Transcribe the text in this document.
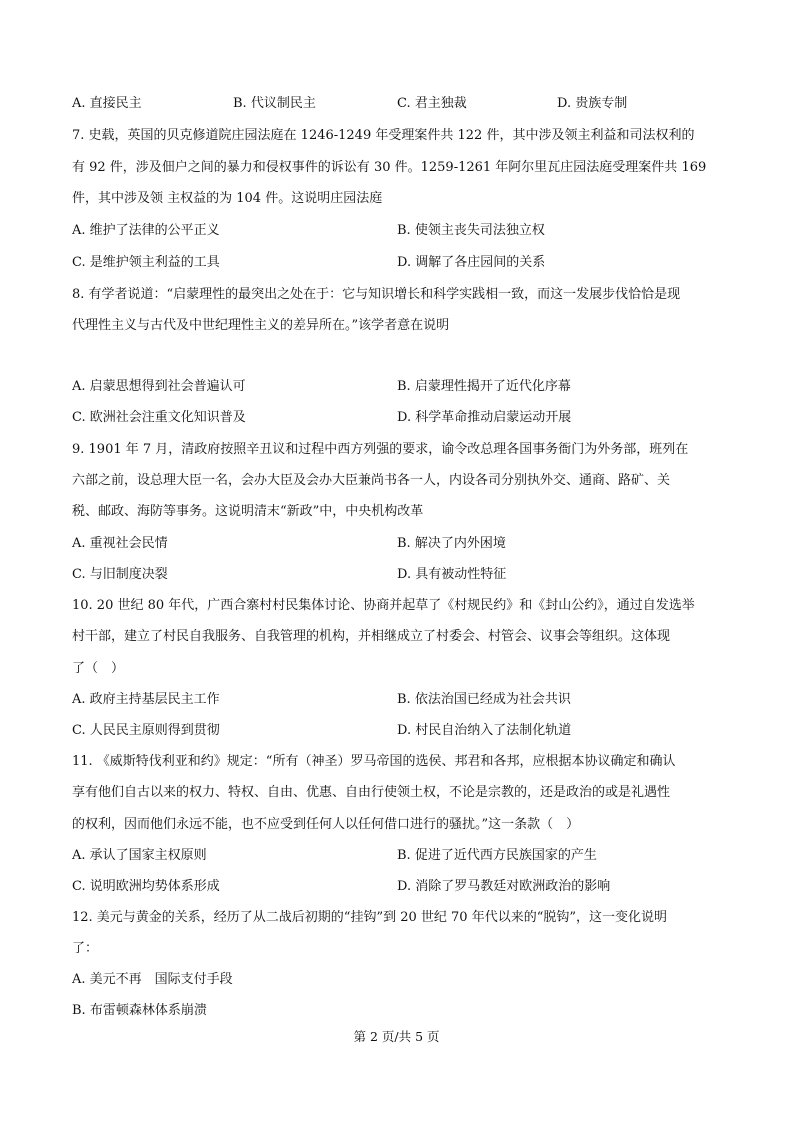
A. 直接民主	B. 代议制民主	C. 君主独裁	D. 贵族专制
7. 史载，英国的贝克修道院庄园法庭在 1246-1249 年受理案件共 122 件，其中涉及领主利益和司法权利的
有 92 件，涉及佃户之间的暴力和侵权事件的诉讼有 30 件。1259-1261 年阿尔里瓦庄园法庭受理案件共 169
件，其中涉及领 主权益的为 104 件。这说明庄园法庭
A. 维护了法律的公平正义	B. 使领主丧失司法独立权
C. 是维护领主利益的工具	D. 调解了各庄园间的关系
8. 有学者说道：“启蒙理性的最突出之处在于：它与知识增长和科学实践相一致，而这一发展步伐恰恰是现
代理性主义与古代及中世纪理性主义的差异所在。”该学者意在说明
A. 启蒙思想得到社会普遍认可	B. 启蒙理性揭开了近代化序幕
C. 欧洲社会注重文化知识普及	D. 科学革命推动启蒙运动开展
9. 1901 年 7 月，清政府按照辛丑议和过程中西方列强的要求，谕令改总理各国事务衙门为外务部，班列在
六部之前，设总理大臣一名，会办大臣及会办大臣兼尚书各一人，内设各司分别执外交、通商、路矿、关
税、邮政、海防等事务。这说明清末“新政”中，中央机构改革
A. 重视社会民情	B. 解决了内外困境
C. 与旧制度决裂	D. 具有被动性特征
10. 20 世纪 80 年代，广西合寨村村民集体讨论、协商并起草了《村规民约》和《封山公约》，通过自发选举
村干部，建立了村民自我服务、自我管理的机构，并相继成立了村委会、村管会、议事会等组织。这体现
了（　）
A. 政府主持基层民主工作	B. 依法治国已经成为社会共识
C. 人民民主原则得到贯彻	D. 村民自治纳入了法制化轨道
11. 《威斯特伐利亚和约》规定：“所有（神圣）罗马帝国的选侯、邦君和各邦，应根据本协议确定和确认
享有他们自古以来的权力、特权、自由、优惠、自由行使领土权，不论是宗教的，还是政治的或是礼遇性
的权利，因而他们永远不能，也不应受到任何人以任何借口进行的骚扰。”这一条款（　）
A. 承认了国家主权原则	B. 促进了近代西方民族国家的产生
C. 说明欧洲均势体系形成	D. 消除了罗马教廷对欧洲政治的影响
12. 美元与黄金的关系，经历了从二战后初期的“挂钩”到 20 世纪 70 年代以来的“脱钩”，这一变化说明
了：
A. 美元不再　国际支付手段
B. 布雷顿森林体系崩溃
第 2 页/共 5 页
